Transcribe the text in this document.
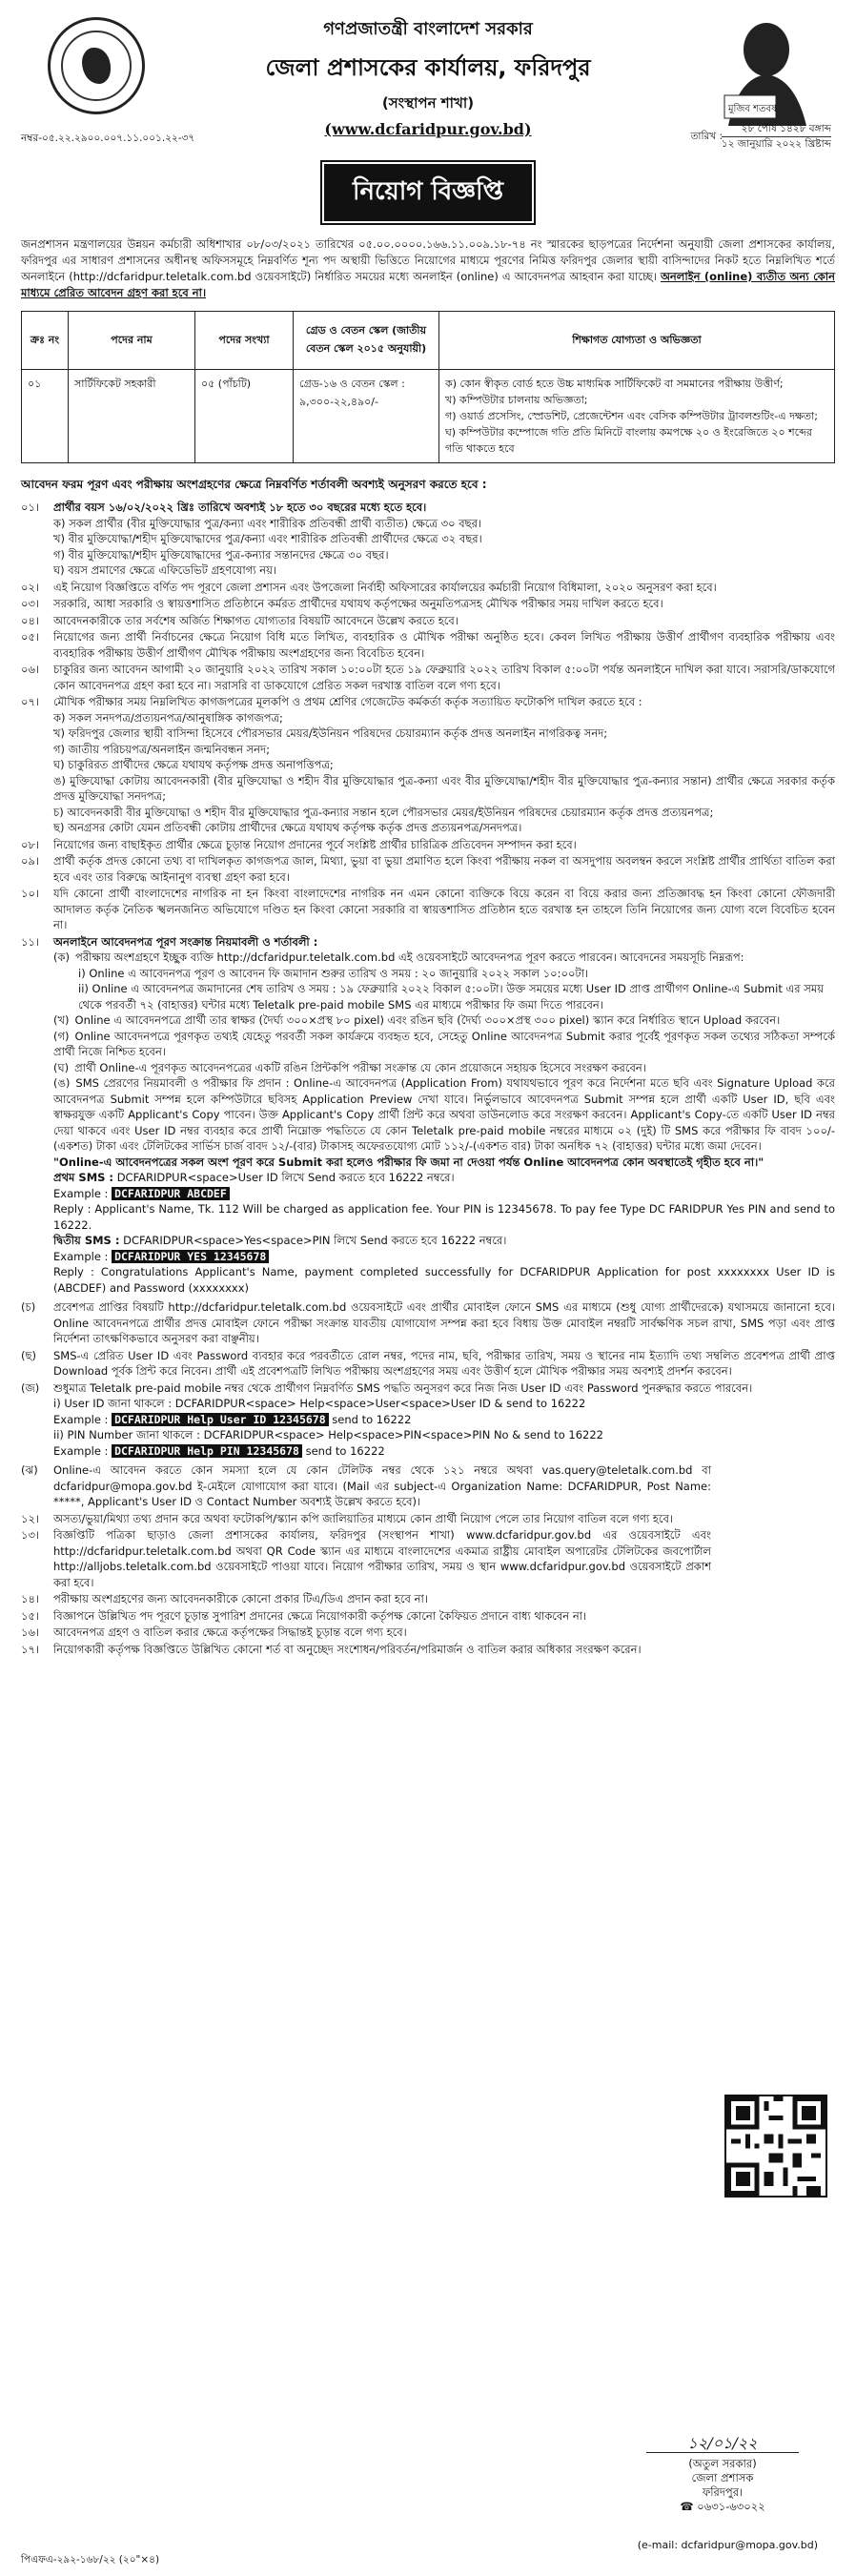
গণপ্রজাতন্ত্রী বাংলাদেশ সরকার
জেলা প্রশাসকের কার্যালয়, ফরিদপুর
(সংস্থাপন শাখা)
(www.dcfaridpur.gov.bd)
মুজিব শতবর্ষ 100
নম্বর-০৫.২২.২৯০০.০০৭.১১.০০১.২২-৩৭	তারিখ :
২৮ পৌষ ১৪২৮ বঙ্গাব্দ
১২ জানুয়ারি ২০২২ খ্রিষ্টাব্দ
নিয়োগ বিজ্ঞপ্তি
জনপ্রশাসন মন্ত্রণালয়ের উন্নয়ন কর্মচারী অধিশাখার ০৮/০৩/২০২১ তারিখের ০৫.০০.০০০০.১৬৬.১১.০০৯.১৮-৭৪ নং স্মারকের ছাড়পত্রের নির্দেশনা অনুযায়ী জেলা প্রশাসকের কার্যালয়, ফরিদপুর এর সাধারণ প্রশাসনের অধীনস্থ অফিসসমূহে নিম্নবর্ণিত শূন্য পদ অস্থায়ী ভিত্তিতে নিয়োগের মাধ্যমে পূরণের নিমিত্ত ফরিদপুর জেলার স্থায়ী বাসিন্দাদের নিকট হতে নিম্নলিখিত শর্তে অনলাইনে (http://dcfaridpur.teletalk.com.bd ওয়েবসাইটে) নির্ধারিত সময়ের মধ্যে অনলাইন (online) এ আবেদনপত্র আহবান করা যাচ্ছে। অনলাইন (online) ব্যতীত অন্য কোন মাধ্যমে প্রেরিত আবেদন গ্রহণ করা হবে না।
ক্রঃ নং	পদের নাম	পদের সংখ্যা	গ্রেড ও বেতন স্কেল (জাতীয় বেতন স্কেল ২০১৫ অনুযায়ী)	শিক্ষাগত যোগ্যতা ও অভিজ্ঞতা
০১	সার্টিফিকেট সহকারী	০৫ (পাঁচটি)	গ্রেড-১৬ ও বেতন স্কেল : ৯,৩০০-২২,৪৯০/-	ক) কোন স্বীকৃত বোর্ড হতে উচ্চ মাধ্যমিক সার্টিফিকেট বা সমমানের পরীক্ষায় উত্তীর্ণ;
খ) কম্পিউটার চালনায় অভিজ্ঞতা;
গ) ওয়ার্ড প্রসেসিং, স্প্রেডশিট, প্রেজেন্টেশন এবং বেসিক কম্পিউটার ট্রাবলশুটিং-এ দক্ষতা;
ঘ) কম্পিউটার কম্পোজে গতি প্রতি মিনিটে বাংলায় কমপক্ষে ২০ ও ইংরেজিতে ২০ শব্দের গতি থাকতে হবে
আবেদন ফরম পূরণ এবং পরীক্ষায় অংশগ্রহণের ক্ষেত্রে নিম্নবর্ণিত শর্তাবলী অবশ্যই অনুসরণ করতে হবে :
০১।	প্রার্থীর বয়স ১৬/০২/২০২২ খ্রিঃ তারিখে অবশ্যই ১৮ হতে ৩০ বছরের মধ্যে হতে হবে।
ক) সকল প্রার্থীর (বীর মুক্তিযোদ্ধার পুত্র/কন্যা এবং শারীরিক প্রতিবন্ধী প্রার্থী ব্যতীত) ক্ষেত্রে ৩০ বছর।
খ) বীর মুক্তিযোদ্ধা/শহীদ মুক্তিযোদ্ধাদের পুত্র/কন্যা এবং শারীরিক প্রতিবন্ধী প্রার্থীদের ক্ষেত্রে ৩২ বছর।
গ) বীর মুক্তিযোদ্ধা/শহীদ মুক্তিযোদ্ধাদের পুত্র-কন্যার সন্তানদের ক্ষেত্রে ৩০ বছর।
ঘ) বয়স প্রমাণের ক্ষেত্রে এফিডেভিট গ্রহণযোগ্য নয়।
০২।	এই নিয়োগ বিজ্ঞপ্তিতে বর্ণিত পদ পূরণে জেলা প্রশাসন এবং উপজেলা নির্বাহী অফিসারের কার্যালয়ের কর্মচারী নিয়োগ বিধিমালা, ২০২০ অনুসরণ করা হবে।
০৩।	সরকারি, আধা সরকারি ও স্বায়ত্তশাসিত প্রতিষ্ঠানে কর্মরত প্রার্থীদের যথাযথ কর্তৃপক্ষের অনুমতিপত্রসহ মৌখিক পরীক্ষার সময় দাখিল করতে হবে।
০৪।	আবেদনকারীকে তার সর্বশেষ অর্জিত শিক্ষাগত যোগ্যতার বিষয়টি আবেদনে উল্লেখ করতে হবে।
০৫।	নিয়োগের জন্য প্রার্থী নির্বাচনের ক্ষেত্রে নিয়োগ বিধি মতে লিখিত, ব্যবহারিক ও মৌখিক পরীক্ষা অনুষ্ঠিত হবে। কেবল লিখিত পরীক্ষায় উত্তীর্ণ প্রার্থীগণ ব্যবহারিক পরীক্ষায় এবং ব্যবহারিক পরীক্ষায় উত্তীর্ণ প্রার্থীগণ মৌখিক পরীক্ষায় অংশগ্রহণের জন্য বিবেচিত হবেন।
০৬।	চাকুরির জন্য আবেদন আগামী ২০ জানুয়ারি ২০২২ তারিখ সকাল ১০:০০টা হতে ১৯ ফেব্রুয়ারি ২০২২ তারিখ বিকাল ৫:০০টা পর্যন্ত অনলাইনে দাখিল করা যাবে। সরাসরি/ডাকযোগে কোন আবেদনপত্র গ্রহণ করা হবে না। সরাসরি বা ডাকযোগে প্রেরিত সকল দরখাস্ত বাতিল বলে গণ্য হবে।
০৭।	মৌখিক পরীক্ষার সময় নিম্নলিখিত কাগজপত্রের মূলকপি ও প্রথম শ্রেণির গেজেটেড কর্মকর্তা কর্তৃক সত্যায়িত ফটোকপি দাখিল করতে হবে :
ক) সকল সনদপত্র/প্রত্যয়নপত্র/আনুষাঙ্গিক কাগজপত্র;
খ) ফরিদপুর জেলার স্থায়ী বাসিন্দা হিসেবে পৌরসভার মেয়র/ইউনিয়ন পরিষদের চেয়ারম্যান কর্তৃক প্রদত্ত অনলাইন নাগরিকত্ব সনদ;
গ) জাতীয় পরিচয়পত্র/অনলাইন জন্মনিবন্ধন সনদ;
ঘ) চাকুরিরত প্রার্থীদের ক্ষেত্রে যথাযথ কর্তৃপক্ষ প্রদত্ত অনাপত্তিপত্র;
ঙ) মুক্তিযোদ্ধা কোটায় আবেদনকারী (বীর মুক্তিযোদ্ধা ও শহীদ বীর মুক্তিযোদ্ধার পুত্র-কন্যা এবং বীর মুক্তিযোদ্ধা/শহীদ বীর মুক্তিযোদ্ধার পুত্র-কন্যার সন্তান) প্রার্থীর ক্ষেত্রে সরকার কর্তৃক প্রদত্ত মুক্তিযোদ্ধা সনদপত্র;
চ) আবেদনকারী বীর মুক্তিযোদ্ধা ও শহীদ বীর মুক্তিযোদ্ধার পুত্র-কন্যার সন্তান হলে পৌরসভার মেয়র/ইউনিয়ন পরিষদের চেয়ারম্যান কর্তৃক প্রদত্ত প্রত্যয়নপত্র;
ছ) অনগ্রসর কোটা যেমন প্রতিবন্ধী কোটায় প্রার্থীদের ক্ষেত্রে যথাযথ কর্তৃপক্ষ কর্তৃক প্রদত্ত প্রত্যয়নপত্র/সনদপত্র।
০৮।	নিয়োগের জন্য বাছাইকৃত প্রার্থীর ক্ষেত্রে চূড়ান্ত নিয়োগ প্রদানের পূর্বে সংশ্লিষ্ট প্রার্থীর চারিত্রিক প্রতিবেদন সম্পাদন করা হবে।
০৯।	প্রার্থী কর্তৃক প্রদত্ত কোনো তথ্য বা দাখিলকৃত কাগজপত্র জাল, মিথ্যা, ভুয়া বা ভুয়া প্রমাণিত হলে কিংবা পরীক্ষায় নকল বা অসদুপায় অবলম্বন করলে সংশ্লিষ্ট প্রার্থীর প্রার্থিতা বাতিল করা হবে এবং তার বিরুদ্ধে আইনানুগ ব্যবস্থা গ্রহণ করা হবে।
১০।	যদি কোনো প্রার্থী বাংলাদেশের নাগরিক না হন কিংবা বাংলাদেশের নাগরিক নন এমন কোনো ব্যক্তিকে বিয়ে করেন বা বিয়ে করার জন্য প্রতিজ্ঞাবদ্ধ হন কিংবা কোনো ফৌজদারী আদালত কর্তৃক নৈতিক স্খলনজনিত অভিযোগে দণ্ডিত হন কিংবা কোনো সরকারি বা স্বায়ত্তশাসিত প্রতিষ্ঠান হতে বরখাস্ত হন তাহলে তিনি নিয়োগের জন্য যোগ্য বলে বিবেচিত হবেন না।
১১।	অনলাইনে আবেদনপত্র পূরণ সংক্রান্ত নিয়মাবলী ও শর্তাবলী :
(ক) পরীক্ষায় অংশগ্রহণে ইচ্ছুক ব্যক্তি http://dcfaridpur.teletalk.com.bd এই ওয়েবসাইটে আবেদনপত্র পূরণ করতে পারবেন। আবেদনের সময়সূচি নিম্নরূপ:
i) Online এ আবেদনপত্র পূরণ ও আবেদন ফি জমাদান শুরুর তারিখ ও সময় : ২০ জানুয়ারি ২০২২ সকাল ১০:০০টা।
ii) Online এ আবেদনপত্র জমাদানের শেষ তারিখ ও সময় : ১৯ ফেব্রুয়ারি ২০২২ বিকাল ৫:০০টা। উক্ত সময়ের মধ্যে User ID প্রাপ্ত প্রার্থীগণ Online-এ Submit এর সময় থেকে পরবর্তী ৭২ (বাহাত্তর) ঘন্টার মধ্যে Teletalk pre-paid mobile SMS এর মাধ্যমে পরীক্ষার ফি জমা দিতে পারবেন।
(খ) Online এ আবেদনপত্রে প্রার্থী তার স্বাক্ষর (দৈর্ঘ্য ৩০০×প্রস্থ ৮০ pixel) এবং রঙিন ছবি (দৈর্ঘ্য ৩০০×প্রস্থ ৩০০ pixel) স্ক্যান করে নির্ধারিত স্থানে Upload করবেন।
(গ) Online আবেদনপত্রে পূরণকৃত তথ্যই যেহেতু পরবর্তী সকল কার্যক্রমে ব্যবহৃত হবে, সেহেতু Online আবেদনপত্র Submit করার পূর্বেই পূরণকৃত সকল তথ্যের সঠিকতা সম্পর্কে প্রার্থী নিজে নিশ্চিত হবেন।
(ঘ) প্রার্থী Online-এ পূরণকৃত আবেদনপত্রের একটি রঙিন প্রিন্টকপি পরীক্ষা সংক্রান্ত যে কোন প্রয়োজনে সহায়ক হিসেবে সংরক্ষণ করবেন।
(ঙ) SMS প্রেরণের নিয়মাবলী ও পরীক্ষার ফি প্রদান : Online-এ আবেদনপত্র (Application From) যথাযথভাবে পূরণ করে নির্দেশনা মতে ছবি এবং Signature Upload করে আবেদনপত্র Submit সম্পন্ন হলে কম্পিউটারে ছবিসহ Application Preview দেখা যাবে। নির্ভুলভাবে আবেদনপত্র Submit সম্পন্ন হলে প্রার্থী একটি User ID, ছবি এবং স্বাক্ষরযুক্ত একটি Applicant's Copy পাবেন। উক্ত Applicant's Copy প্রার্থী প্রিন্ট করে অথবা ডাউনলোড করে সংরক্ষণ করবেন। Applicant's Copy-তে একটি User ID নম্বর দেয়া থাকবে এবং User ID নম্বর ব্যবহার করে প্রার্থী নিম্নোক্ত পদ্ধতিতে যে কোন Teletalk pre-paid mobile নম্বরের মাধ্যমে ০২ (দুই) টি SMS করে পরীক্ষার ফি বাবদ ১০০/-(একশত) টাকা এবং টেলিটকের সার্ভিস চার্জ বাবদ ১২/-(বার) টাকাসহ অফেরতযোগ্য মোট ১১২/-(একশত বার) টাকা অনধিক ৭২ (বাহাত্তর) ঘন্টার মধ্যে জমা দেবেন।
"Online-এ আবেদনপত্রের সকল অংশ পূরণ করে Submit করা হলেও পরীক্ষার ফি জমা না দেওয়া পর্যন্ত Online আবেদনপত্র কোন অবস্থাতেই গৃহীত হবে না।"
প্রথম SMS : DCFARIDPUR<space>User ID লিখে Send করতে হবে 16222 নম্বরে।
Example : DCFARIDPUR ABCDEF
Reply : Applicant's Name, Tk. 112 Will be charged as application fee. Your PIN is 12345678. To pay fee Type DC FARIDPUR Yes PIN and send to 16222.
দ্বিতীয় SMS : DCFARIDPUR<space>Yes<space>PIN লিখে Send করতে হবে 16222 নম্বরে।
Example : DCFARIDPUR YES 12345678
Reply : Congratulations Applicant's Name, payment completed successfully for DCFARIDPUR Application for post xxxxxxxx User ID is (ABCDEF) and Password (xxxxxxxx)
(চ)	প্রবেশপত্র প্রাপ্তির বিষয়টি http://dcfaridpur.teletalk.com.bd ওয়েবসাইটে এবং প্রার্থীর মোবাইল ফোনে SMS এর মাধ্যমে (শুধু যোগ্য প্রার্থীদেরকে) যথাসময়ে জানানো হবে। Online আবেদনপত্রে প্রার্থীর প্রদত্ত মোবাইল ফোনে পরীক্ষা সংক্রান্ত যাবতীয় যোগাযোগ সম্পন্ন করা হবে বিধায় উক্ত মোবাইল নম্বরটি সার্বক্ষণিক সচল রাখা, SMS পড়া এবং প্রাপ্ত নির্দেশনা তাৎক্ষণিকভাবে অনুসরণ করা বাঞ্ছনীয়।
(ছ)	SMS-এ প্রেরিত User ID এবং Password ব্যবহার করে পরবর্তীতে রোল নম্বর, পদের নাম, ছবি, পরীক্ষার তারিখ, সময় ও স্থানের নাম ইত্যাদি তথ্য সম্বলিত প্রবেশপত্র প্রার্থী প্রাপ্ত Download পূর্বক প্রিন্ট করে নিবেন। প্রার্থী এই প্রবেশপত্রটি লিখিত পরীক্ষায় অংশগ্রহণের সময় এবং উত্তীর্ণ হলে মৌখিক পরীক্ষার সময় অবশ্যই প্রদর্শন করবেন।
(জ)	শুধুমাত্র Teletalk pre-paid mobile নম্বর থেকে প্রার্থীগণ নিম্নবর্ণিত SMS পদ্ধতি অনুসরণ করে নিজ নিজ User ID এবং Password পুনরুদ্ধার করতে পারবেন।
i) User ID জানা থাকলে : DCFARIDPUR<space> Help<space>User<space>User ID & send to 16222
Example : DCFARIDPUR Help User ID 12345678 send to 16222
ii) PIN Number জানা থাকলে : DCFARIDPUR<space> Help<space>PIN<space>PIN No & send to 16222
Example : DCFARIDPUR Help PIN 12345678 send to 16222
(ঝ)	Online-এ আবেদন করতে কোন সমস্যা হলে যে কোন টেলিটক নম্বর থেকে ১২১ নম্বরে অথবা vas.query@teletalk.com.bd বা dcfaridpur@mopa.gov.bd ই-মেইলে যোগাযোগ করা যাবে। (Mail এর subject-এ Organization Name: DCFARIDPUR, Post Name: *****, Applicant's User ID ও Contact Number অবশ্যই উল্লেখ করতে হবে)।
১২।	অসত্য/ভুয়া/মিথ্যা তথ্য প্রদান করে অথবা ফটোকপি/স্ক্যান কপি জালিয়াতির মাধ্যমে কোন প্রার্থী নিয়োগ পেলে তার নিয়োগ বাতিল বলে গণ্য হবে।
১৩।	বিজ্ঞপ্তিটি পত্রিকা ছাড়াও জেলা প্রশাসকের কার্যালয়, ফরিদপুর (সংস্থাপন শাখা) www.dcfaridpur.gov.bd এর ওয়েবসাইটে এবং http://dcfaridpur.teletalk.com.bd অথবা QR Code স্ক্যান এর মাধ্যমে বাংলাদেশের একমাত্র রাষ্ট্রীয় মোবাইল অপারেটর টেলিটকের জবপোর্টাল http://alljobs.teletalk.com.bd ওয়েবসাইটে পাওয়া যাবে। নিয়োগ পরীক্ষার তারিখ, সময় ও স্থান www.dcfaridpur.gov.bd ওয়েবসাইটে প্রকাশ করা হবে।
১৪।	পরীক্ষায় অংশগ্রহণের জন্য আবেদনকারীকে কোনো প্রকার টিএ/ডিএ প্রদান করা হবে না।
১৫।	বিজ্ঞাপনে উল্লিখিত পদ পূরণে চূড়ান্ত সুপারিশ প্রদানের ক্ষেত্রে নিয়োগকারী কর্তৃপক্ষ কোনো কৈফিয়ত প্রদানে বাধ্য থাকবেন না।
১৬।	আবেদনপত্র গ্রহণ ও বাতিল করার ক্ষেত্রে কর্তৃপক্ষের সিদ্ধান্তই চূড়ান্ত বলে গণ্য হবে।
১৭।	নিয়োগকারী কর্তৃপক্ষ বিজ্ঞপ্তিতে উল্লিখিত কোনো শর্ত বা অনুচ্ছেদ সংশোধন/পরিবর্তন/পরিমার্জন ও বাতিল করার অধিকার সংরক্ষণ করেন।
১২/০১/২২
(অতুল সরকার)
জেলা প্রশাসক
ফরিদপুর।
☎ ০৬৩১-৬৩০২২
(e-mail: dcfaridpur@mopa.gov.bd)
পিএফএ-২৯২-১৬৮/২২ (২০"×৪)
